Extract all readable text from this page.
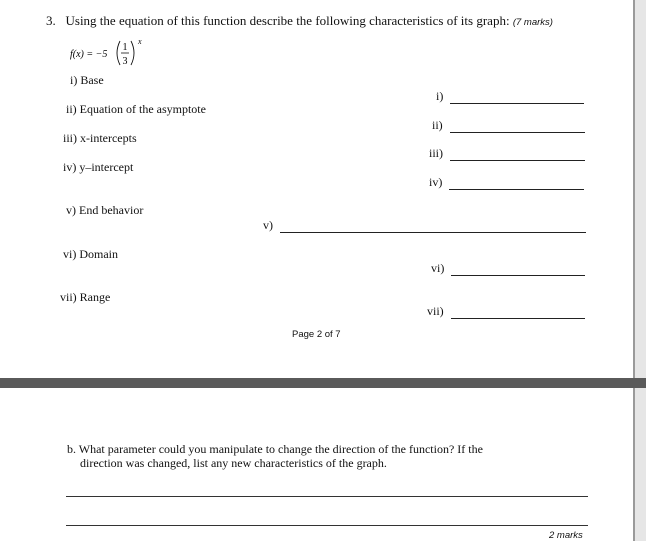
3. Using the equation of this function describe the following characteristics of its graph: (7 marks)
f(x) = −5
1
3
x
i) Base
ii) Equation of the asymptote
iii) x-intercepts
iv) y–intercept
v) End behavior
vi) Domain
vii) Range
i)
ii)
iii)
iv)
v)
vi)
vii)
Page 2 of 7
b. What parameter could you manipulate to change the direction of the function? If the
direction was changed, list any new characteristics of the graph.
2 marks
